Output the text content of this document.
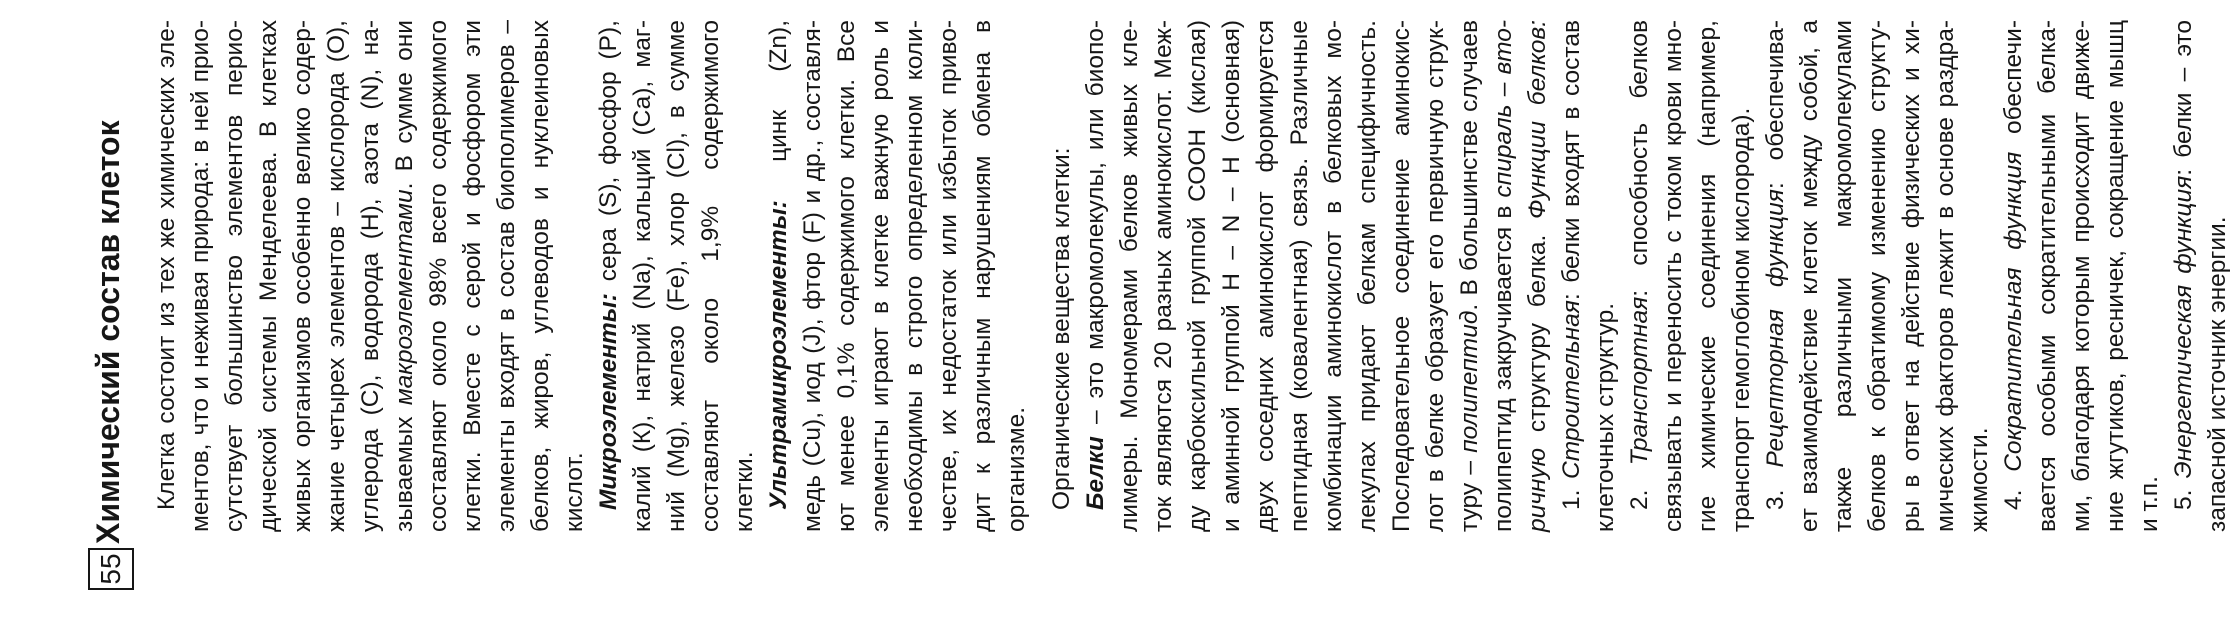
55
Химический состав клеток Клетка состоит из тех же химических эле- ментов, что и неживая природа: в ней прио- сутствует большинство элементов перио- дической системы Менделеева. В клетках живых организмов особенно велико содер- жание четырех элементов – кислорода (О), углерода (С), водорода (Н), азота (N), на- зываемых макроэлементами. В сумме они составляют около 98% всего содержимого клетки. Вместе с серой и фосфором эти элементы входят в состав биополимеров – белков, жиров, углеводов и нуклеиновых кислот. Микроэлементы: сера (S), фосфор (Р), калий (К), натрий (Na), кальций (Са), маг- ний (Mg), железо (Fe), хлор (Cl), в сумме составляют около 1,9% содержимого клетки. Ультрамикроэлементы: цинк (Zn), медь (Сu), иод (J), фтор (F) и др., составля- ют менее 0,1% содержимого клетки. Все элементы играют в клетке важную роль и необходимы в строго определенном коли- честве, их недостаток или избыток приво- дит к различным нарушениям обмена в организме. Органические вещества клетки: Белки – это макромолекулы, или биопо- лимеры. Мономерами белков живых кле- ток являются 20 разных аминокислот. Меж- ду карбоксильной группой СООН (кислая) и аминной группой Н – N – Н (основная) двух соседних аминокислот формируется пептидная (ковалентная) связь. Различные комбинации аминокислот в белковых мо- лекулах придают белкам специфичность. Последовательное соединение аминокис- лот в белке образует его первичную струк- туру – полипептид. В большинстве случаев
полипептид закручивается в спираль – вто-
ричную структуру белка. Функции белков:
1. Строительная: белки входят в состав
клеточных структур. 2. Транспортная: способность белков связывать и переносить с током крови мно- гие химические соединения (например, транспорт гемоглобином кислорода). 3. Рецепторная функция: обеспечива- ет взаимодействие клеток между собой, а также различными макромолекулами белков к обратимому изменению структу- ры в ответ на действие физических и хи- мических факторов лежит в основе раздра- жимости. 4. Сократительная функция обеспечи- вается особыми сократительными белка- ми, благодаря которым происходит движе- ние жгутиков, ресничек, сокращение мышц и т.п. 5. Энергетическая функция: белки – это
запасной источник энергии.
